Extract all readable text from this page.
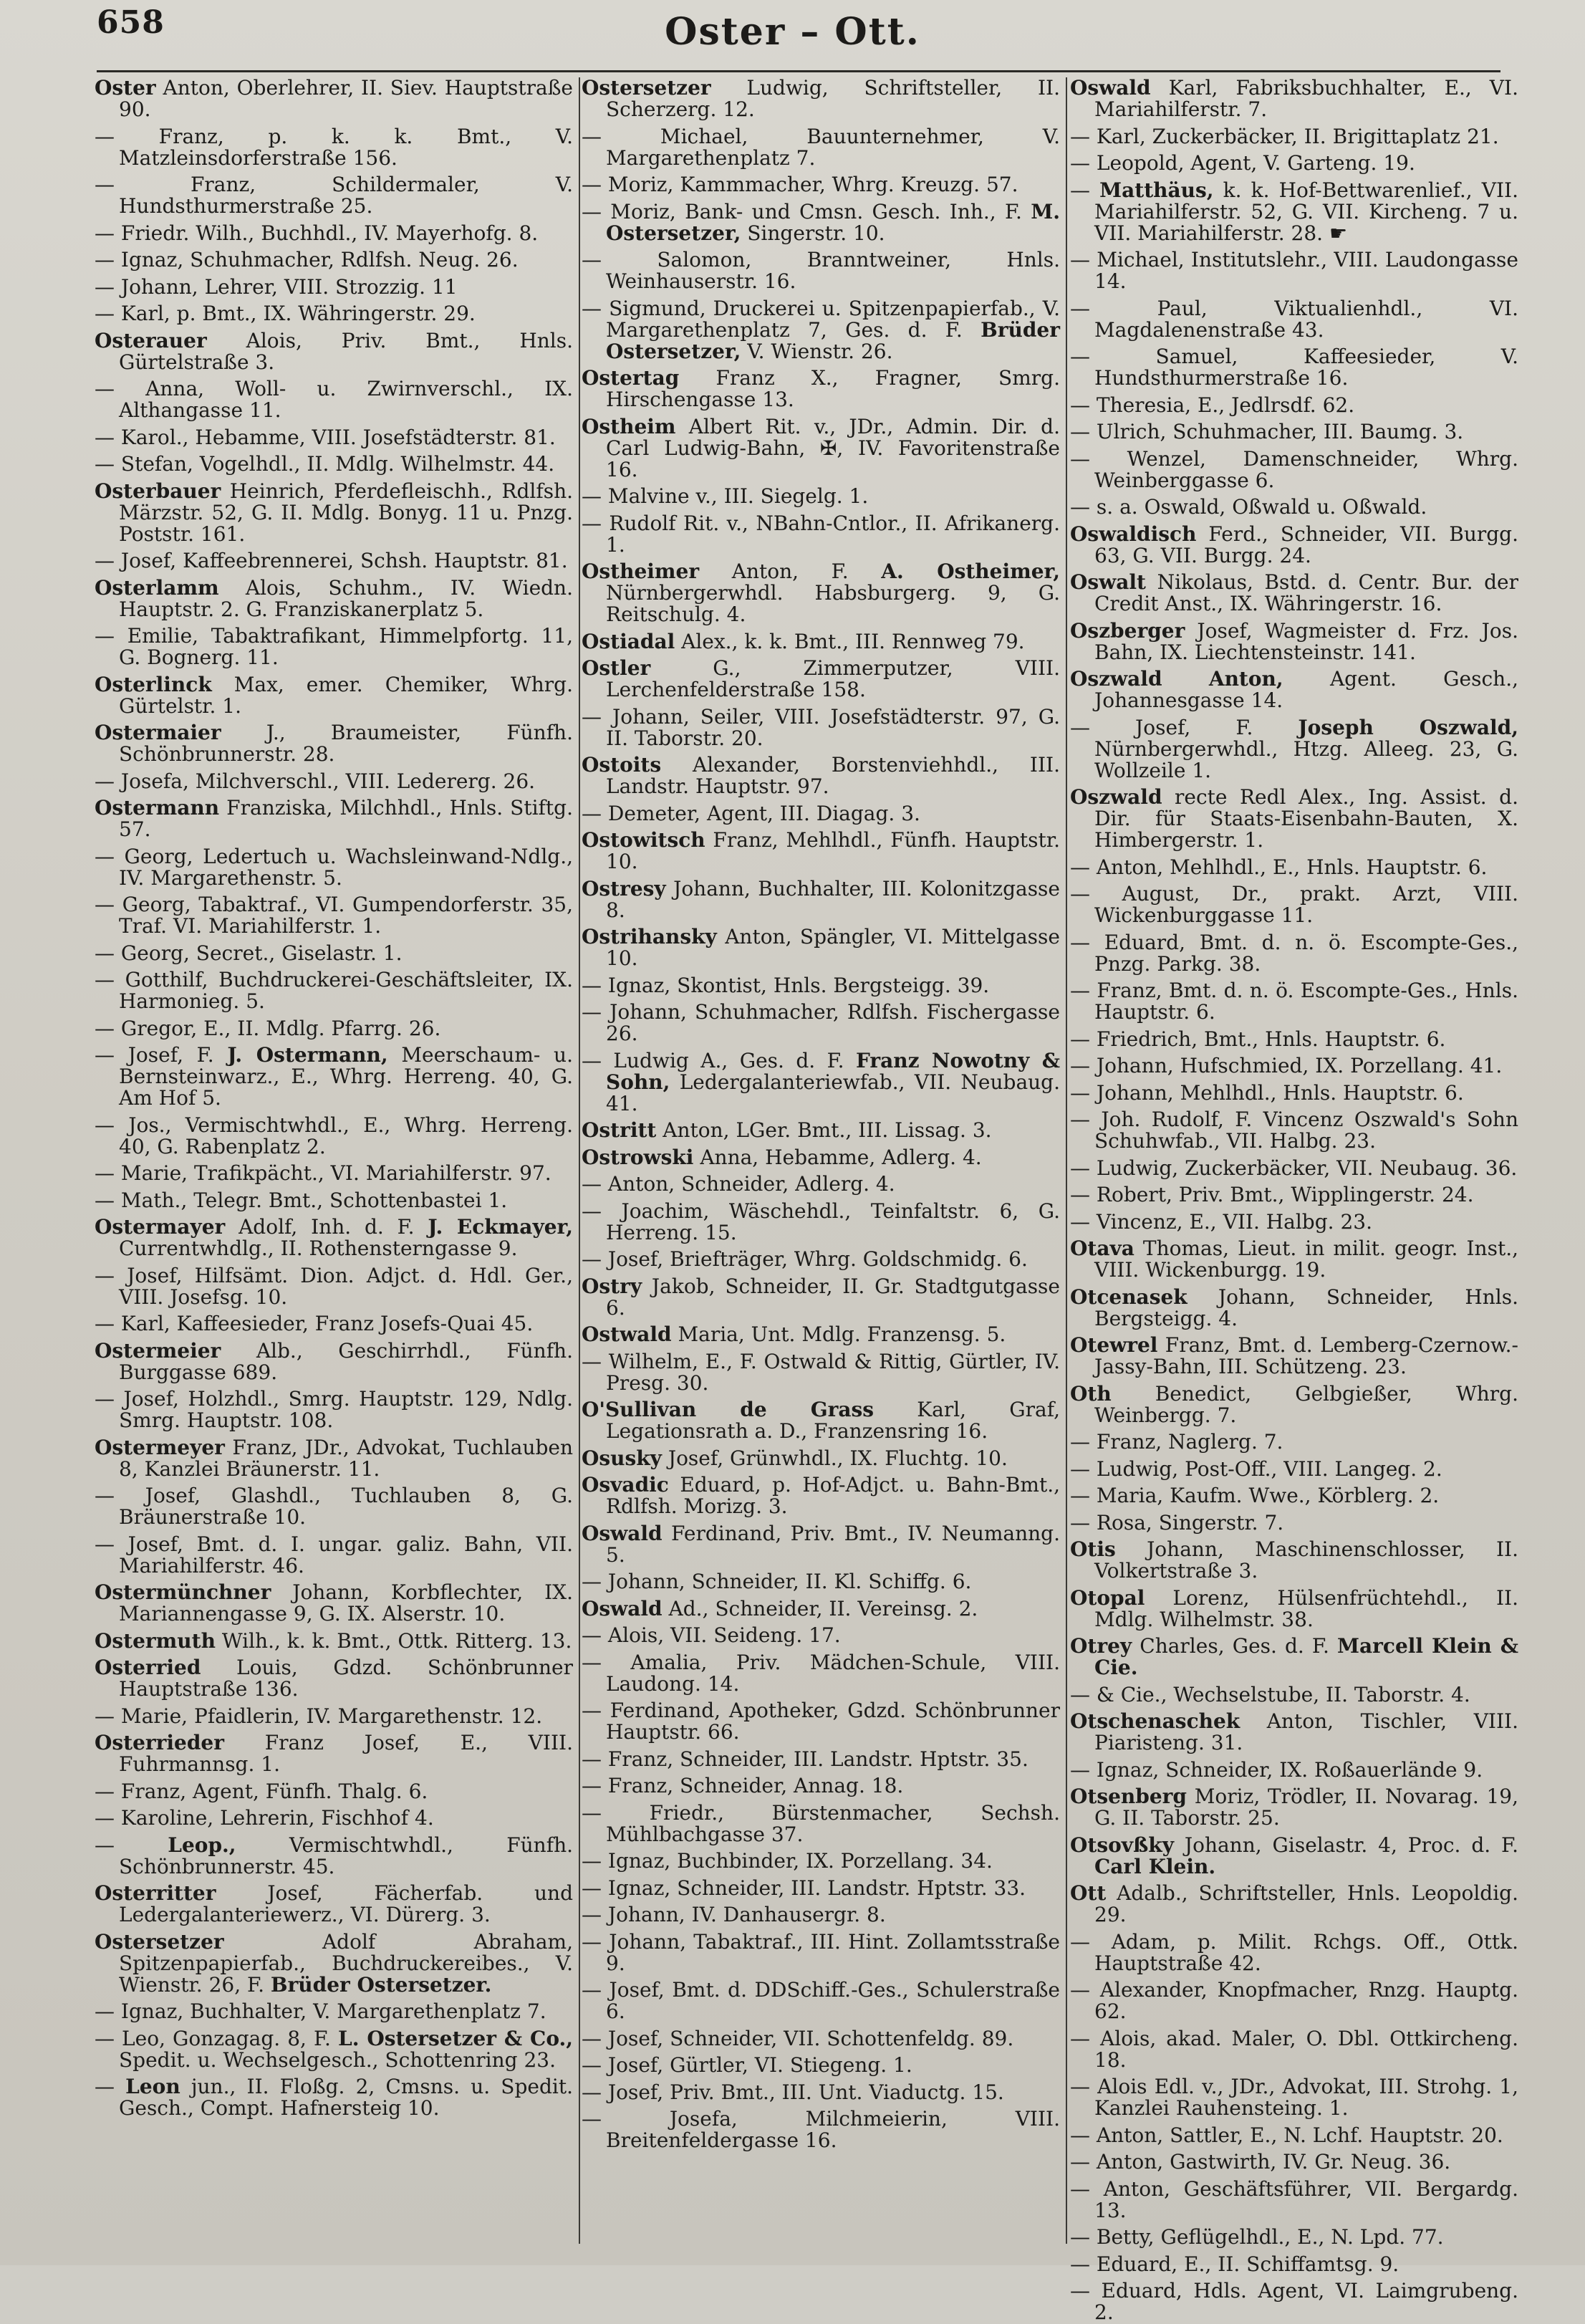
658	Oster – Ott.
Oster Anton, Oberlehrer, II. Siev. Hauptstraße 90.
— Franz, p. k. k. Bmt., V. Matzleinsdorferstraße 156.
— Franz, Schildermaler, V. Hundsthurmerstraße 25.
— Friedr. Wilh., Buchhdl., IV. Mayerhofg. 8.
— Ignaz, Schuhmacher, Rdlfsh. Neug. 26.
— Johann, Lehrer, VIII. Strozzig. 11
— Karl, p. Bmt., IX. Währingerstr. 29.
Osterauer Alois, Priv. Bmt., Hnls. Gürtelstraße 3.
— Anna, Woll- u. Zwirnverschl., IX. Althangasse 11.
— Karol., Hebamme, VIII. Josefstädterstr. 81.
— Stefan, Vogelhdl., II. Mdlg. Wilhelmstr. 44.
Osterbauer Heinrich, Pferdefleischh., Rdlfsh. Märzstr. 52, G. II. Mdlg. Bonyg. 11 u. Pnzg. Poststr. 161.
— Josef, Kaffeebrennerei, Schsh. Hauptstr. 81.
Osterlamm Alois, Schuhm., IV. Wiedn. Hauptstr. 2. G. Franziskanerplatz 5.
— Emilie, Tabaktrafikant, Himmelpfortg. 11, G. Bognerg. 11.
Osterlinck Max, emer. Chemiker, Whrg. Gürtelstr. 1.
Ostermaier J., Braumeister, Fünfh. Schönbrunnerstr. 28.
— Josefa, Milchverschl., VIII. Ledererg. 26.
Ostermann Franziska, Milchhdl., Hnls. Stiftg. 57.
— Georg, Ledertuch u. Wachsleinwand-Ndlg., IV. Margarethenstr. 5.
— Georg, Tabaktraf., VI. Gumpendorferstr. 35, Traf. VI. Mariahilferstr. 1.
— Georg, Secret., Giselastr. 1.
— Gotthilf, Buchdruckerei-Geschäftsleiter, IX. Harmonieg. 5.
— Gregor, E., II. Mdlg. Pfarrg. 26.
— Josef, F. J. Ostermann, Meerschaum- u. Bernsteinwarz., E., Whrg. Herreng. 40, G. Am Hof 5.
— Jos., Vermischtwhdl., E., Whrg. Herreng. 40, G. Rabenplatz 2.
— Marie, Trafikpächt., VI. Mariahilferstr. 97.
— Math., Telegr. Bmt., Schottenbastei 1.
Ostermayer Adolf, Inh. d. F. J. Eckmayer, Currentwhdlg., II. Rothensterngasse 9.
— Josef, Hilfsämt. Dion. Adjct. d. Hdl. Ger., VIII. Josefsg. 10.
— Karl, Kaffeesieder, Franz Josefs-Quai 45.
Ostermeier Alb., Geschirrhdl., Fünfh. Burggasse 689.
— Josef, Holzhdl., Smrg. Hauptstr. 129, Ndlg. Smrg. Hauptstr. 108.
Ostermeyer Franz, JDr., Advokat, Tuchlauben 8, Kanzlei Bräunerstr. 11.
— Josef, Glashdl., Tuchlauben 8, G. Bräunerstraße 10.
— Josef, Bmt. d. I. ungar. galiz. Bahn, VII. Mariahilferstr. 46.
Ostermünchner Johann, Korbflechter, IX. Mariannengasse 9, G. IX. Alserstr. 10.
Ostermuth Wilh., k. k. Bmt., Ottk. Ritterg. 13.
Osterried Louis, Gdzd. Schönbrunner Hauptstraße 136.
— Marie, Pfaidlerin, IV. Margarethenstr. 12.
Osterrieder Franz Josef, E., VIII. Fuhrmannsg. 1.
— Franz, Agent, Fünfh. Thalg. 6.
— Karoline, Lehrerin, Fischhof 4.
—	Leop., Vermischtwhdl., Fünfh. Schönbrunnerstr. 45.
Osterritter Josef, Fächerfab. und Ledergalanteriewerz., VI. Dürerg. 3.
Ostersetzer Adolf Abraham, Spitzenpapierfab., Buchdruckereibes., V. Wienstr. 26, F. Brüder Ostersetzer.
— Ignaz, Buchhalter, V. Margarethenplatz 7.
— Leo, Gonzagag. 8, F. L. Ostersetzer & Co., Spedit. u. Wechselgesch., Schottenring 23.
— Leon jun., II. Floßg. 2, Cmsns. u. Spedit. Gesch., Compt. Hafnersteig 10.
Ostersetzer Ludwig, Schriftsteller, II. Scherzerg. 12.
— Michael, Bauunternehmer, V. Margarethenplatz 7.
— Moriz, Kammmacher, Whrg. Kreuzg. 57.
— Moriz, Bank- und Cmsn. Gesch. Inh., F. M. Ostersetzer, Singerstr. 10.
— Salomon, Branntweiner, Hnls. Weinhauserstr. 16.
— Sigmund, Druckerei u. Spitzenpapierfab., V. Margarethenplatz 7, Ges. d. F. Brüder Ostersetzer, V. Wienstr. 26.
Ostertag Franz X., Fragner, Smrg. Hirschengasse 13.
Ostheim Albert Rit. v., JDr., Admin. Dir. d. Carl Ludwig-Bahn, ✠, IV. Favoritenstraße 16.
— Malvine v., III. Siegelg. 1.
— Rudolf Rit. v., NBahn-Cntlor., II. Afrikanerg. 1.
Ostheimer Anton, F. A. Ostheimer, Nürnbergerwhdl. Habsburgerg. 9, G. Reitschulg. 4.
Ostiadal Alex., k. k. Bmt., III. Rennweg 79.
Ostler G., Zimmerputzer, VIII. Lerchenfelderstraße 158.
— Johann, Seiler, VIII. Josefstädterstr. 97, G. II. Taborstr. 20.
Ostoits Alexander, Borstenviehhdl., III. Landstr. Hauptstr. 97.
— Demeter, Agent, III. Diagag. 3.
Ostowitsch Franz, Mehlhdl., Fünfh. Hauptstr. 10.
Ostresy Johann, Buchhalter, III. Kolonitzgasse 8.
Ostrihansky Anton, Spängler, VI. Mittelgasse 10.
— Ignaz, Skontist, Hnls. Bergsteigg. 39.
— Johann, Schuhmacher, Rdlfsh. Fischergasse 26.
— Ludwig A., Ges. d. F. Franz Nowotny & Sohn, Ledergalanteriewfab., VII. Neubaug. 41.
Ostritt Anton, LGer. Bmt., III. Lissag. 3.
Ostrowski Anna, Hebamme, Adlerg. 4.
— Anton, Schneider, Adlerg. 4.
— Joachim, Wäschehdl., Teinfaltstr. 6, G. Herreng. 15.
— Josef, Briefträger, Whrg. Goldschmidg. 6.
Ostry Jakob, Schneider, II. Gr. Stadtgutgasse 6.
Ostwald Maria, Unt. Mdlg. Franzensg. 5.
— Wilhelm, E., F. Ostwald & Rittig, Gürtler, IV. Presg. 30.
O'Sullivan de Grass Karl, Graf, Legationsrath a. D., Franzensring 16.
Osusky Josef, Grünwhdl., IX. Fluchtg. 10.
Osvadic Eduard, p. Hof-Adjct. u. Bahn-Bmt., Rdlfsh. Morizg. 3.
Oswald Ferdinand, Priv. Bmt., IV. Neumanng. 5.
— Johann, Schneider, II. Kl. Schiffg. 6.
Oswald Ad., Schneider, II. Vereinsg. 2.
— Alois, VII. Seideng. 17.
— Amalia, Priv. Mädchen-Schule, VIII. Laudong. 14.
— Ferdinand, Apotheker, Gdzd. Schönbrunner Hauptstr. 66.
— Franz, Schneider, III. Landstr. Hptstr. 35.
— Franz, Schneider, Annag. 18.
— Friedr., Bürstenmacher, Sechsh. Mühlbachgasse 37.
— Ignaz, Buchbinder, IX. Porzellang. 34.
— Ignaz, Schneider, III. Landstr. Hptstr. 33.
— Johann, IV. Danhausergr. 8.
— Johann, Tabaktraf., III. Hint. Zollamtsstraße 9.
— Josef, Bmt. d. DDSchiff.-Ges., Schulerstraße 6.
— Josef, Schneider, VII. Schottenfeldg. 89.
— Josef, Gürtler, VI. Stiegeng. 1.
— Josef, Priv. Bmt., III. Unt. Viaductg. 15.
— Josefa, Milchmeierin, VIII. Breitenfeldergasse 16.
Oswald Karl, Fabriksbuchhalter, E., VI. Mariahilferstr. 7.
— Karl, Zuckerbäcker, II. Brigittaplatz 21.
— Leopold, Agent, V. Garteng. 19.
— Matthäus, k. k. Hof-Bettwarenlief., VII. Mariahilferstr. 52, G. VII. Kircheng. 7 u. VII. Mariahilferstr. 28. ☛
— Michael, Institutslehr., VIII. Laudongasse 14.
— Paul, Viktualienhdl., VI. Magdalenenstraße 43.
— Samuel, Kaffeesieder, V. Hundsthurmerstraße 16.
— Theresia, E., Jedlrsdf. 62.
— Ulrich, Schuhmacher, III. Baumg. 3.
— Wenzel, Damenschneider, Whrg. Weinberggasse 6.
— s. a. Oswald, Oßwald u. Oßwald.
Oswaldisch Ferd., Schneider, VII. Burgg. 63, G. VII. Burgg. 24.
Oswalt Nikolaus, Bstd. d. Centr. Bur. der Credit Anst., IX. Währingerstr. 16.
Oszberger Josef, Wagmeister d. Frz. Jos. Bahn, IX. Liechtensteinstr. 141.
Oszwald Anton, Agent. Gesch., Johannesgasse 14.
— Josef, F. Joseph Oszwald, Nürnbergerwhdl., Htzg. Alleeg. 23, G. Wollzeile 1.
Oszwald recte Redl Alex., Ing. Assist. d. Dir. für Staats-Eisenbahn-Bauten, X. Himbergerstr. 1.
— Anton, Mehlhdl., E., Hnls. Hauptstr. 6.
— August, Dr., prakt. Arzt, VIII. Wickenburggasse 11.
— Eduard, Bmt. d. n. ö. Escompte-Ges., Pnzg. Parkg. 38.
— Franz, Bmt. d. n. ö. Escompte-Ges., Hnls. Hauptstr. 6.
— Friedrich, Bmt., Hnls. Hauptstr. 6.
— Johann, Hufschmied, IX. Porzellang. 41.
— Johann, Mehlhdl., Hnls. Hauptstr. 6.
— Joh. Rudolf, F. Vincenz Oszwald's Sohn Schuhwfab., VII. Halbg. 23.
— Ludwig, Zuckerbäcker, VII. Neubaug. 36.
— Robert, Priv. Bmt., Wipplingerstr. 24.
— Vincenz, E., VII. Halbg. 23.
Otava Thomas, Lieut. in milit. geogr. Inst., VIII. Wickenburgg. 19.
Otcenasek Johann, Schneider, Hnls. Bergsteigg. 4.
Otewrel Franz, Bmt. d. Lemberg-Czernow.-Jassy-Bahn, III. Schützeng. 23.
Oth Benedict, Gelbgießer, Whrg. Weinbergg. 7.
— Franz, Naglerg. 7.
— Ludwig, Post-Off., VIII. Langeg. 2.
— Maria, Kaufm. Wwe., Körblerg. 2.
— Rosa, Singerstr. 7.
Otis Johann, Maschinenschlosser, II. Volkertstraße 3.
Otopal Lorenz, Hülsenfrüchtehdl., II. Mdlg. Wilhelmstr. 38.
Otrey Charles, Ges. d. F. Marcell Klein & Cie.
— & Cie., Wechselstube, II. Taborstr. 4.
Otschenaschek Anton, Tischler, VIII. Piaristeng. 31.
— Ignaz, Schneider, IX. Roßauerlände 9.
Otsenberg Moriz, Trödler, II. Novarag. 19, G. II. Taborstr. 25.
Otsovßky Johann, Giselastr. 4, Proc. d. F. Carl Klein.
Ott Adalb., Schriftsteller, Hnls. Leopoldig. 29.
— Adam, p. Milit. Rchgs. Off., Ottk. Hauptstraße 42.
— Alexander, Knopfmacher, Rnzg. Hauptg. 62.
— Alois, akad. Maler, O. Dbl. Ottkircheng. 18.
— Alois Edl. v., JDr., Advokat, III. Strohg. 1, Kanzlei Rauhensteing. 1.
— Anton, Sattler, E., N. Lchf. Hauptstr. 20.
— Anton, Gastwirth, IV. Gr. Neug. 36.
— Anton, Geschäftsführer, VII. Bergardg. 13.
— Betty, Geflügelhdl., E., N. Lpd. 77.
— Eduard, E., II. Schiffamtsg. 9.
— Eduard, Hdls. Agent, VI. Laimgrubeng. 2.
